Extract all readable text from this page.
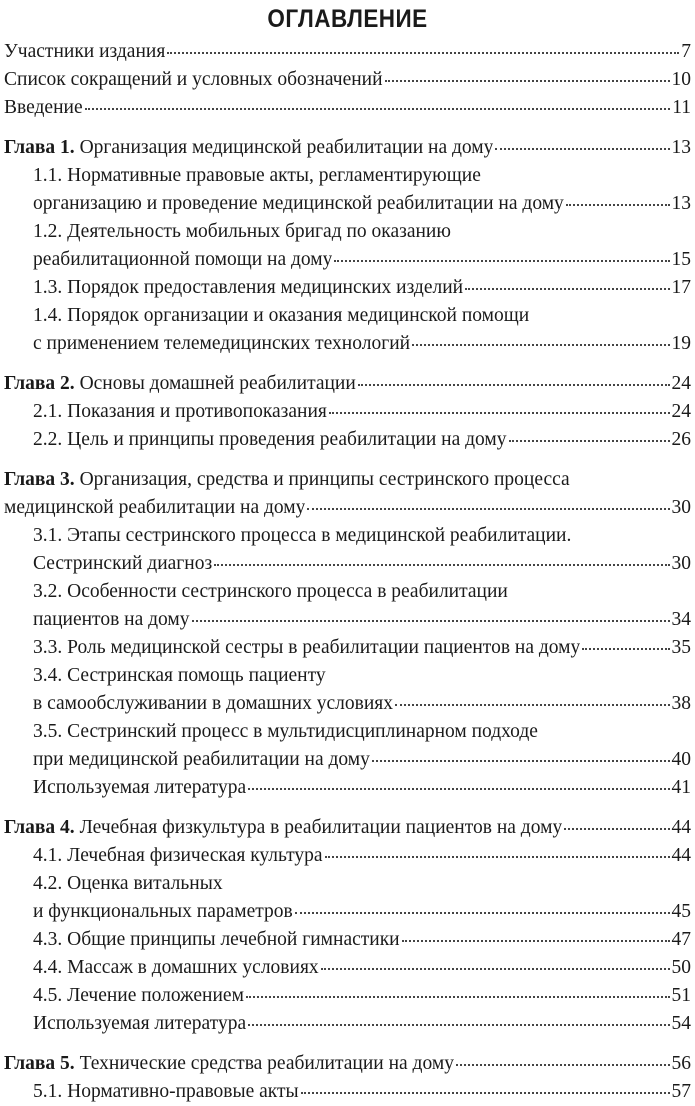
ОГЛАВЛЕНИЕ
Участники издания	7
Список сокращений и условных обозначений	10
Введение	11
Глава 1. Организация медицинской реабилитации на дому	13
1.1. Нормативные правовые акты, регламентирующие
организацию и проведение медицинской реабилитации на дому	13
1.2. Деятельность мобильных бригад по оказанию
реабилитационной помощи на дому	15
1.3. Порядок предоставления медицинских изделий	17
1.4. Порядок организации и оказания медицинской помощи
с применением телемедицинских технологий	19
Глава 2. Основы домашней реабилитации	24
2.1. Показания и противопоказания	24
2.2. Цель и принципы проведения реабилитации на дому	26
Глава 3. Организация, средства и принципы сестринского процесса
медицинской реабилитации на дому	30
3.1. Этапы сестринского процесса в медицинской реабилитации.
Сестринский диагноз	30
3.2. Особенности сестринского процесса в реабилитации
пациентов на дому	34
3.3. Роль медицинской сестры в реабилитации пациентов на дому	35
3.4. Сестринская помощь пациенту
в самообслуживании в домашних условиях	38
3.5. Сестринский процесс в мультидисциплинарном подходе
при медицинской реабилитации на дому	40
Используемая литература	41
Глава 4. Лечебная физкультура в реабилитации пациентов на дому	44
4.1. Лечебная физическая культура	44
4.2. Оценка витальных
и функциональных параметров	45
4.3. Общие принципы лечебной гимнастики	47
4.4. Массаж в домашних условиях	50
4.5. Лечение положением	51
Используемая литература	54
Глава 5. Технические средства реабилитации на дому	56
5.1. Нормативно-правовые акты	57
